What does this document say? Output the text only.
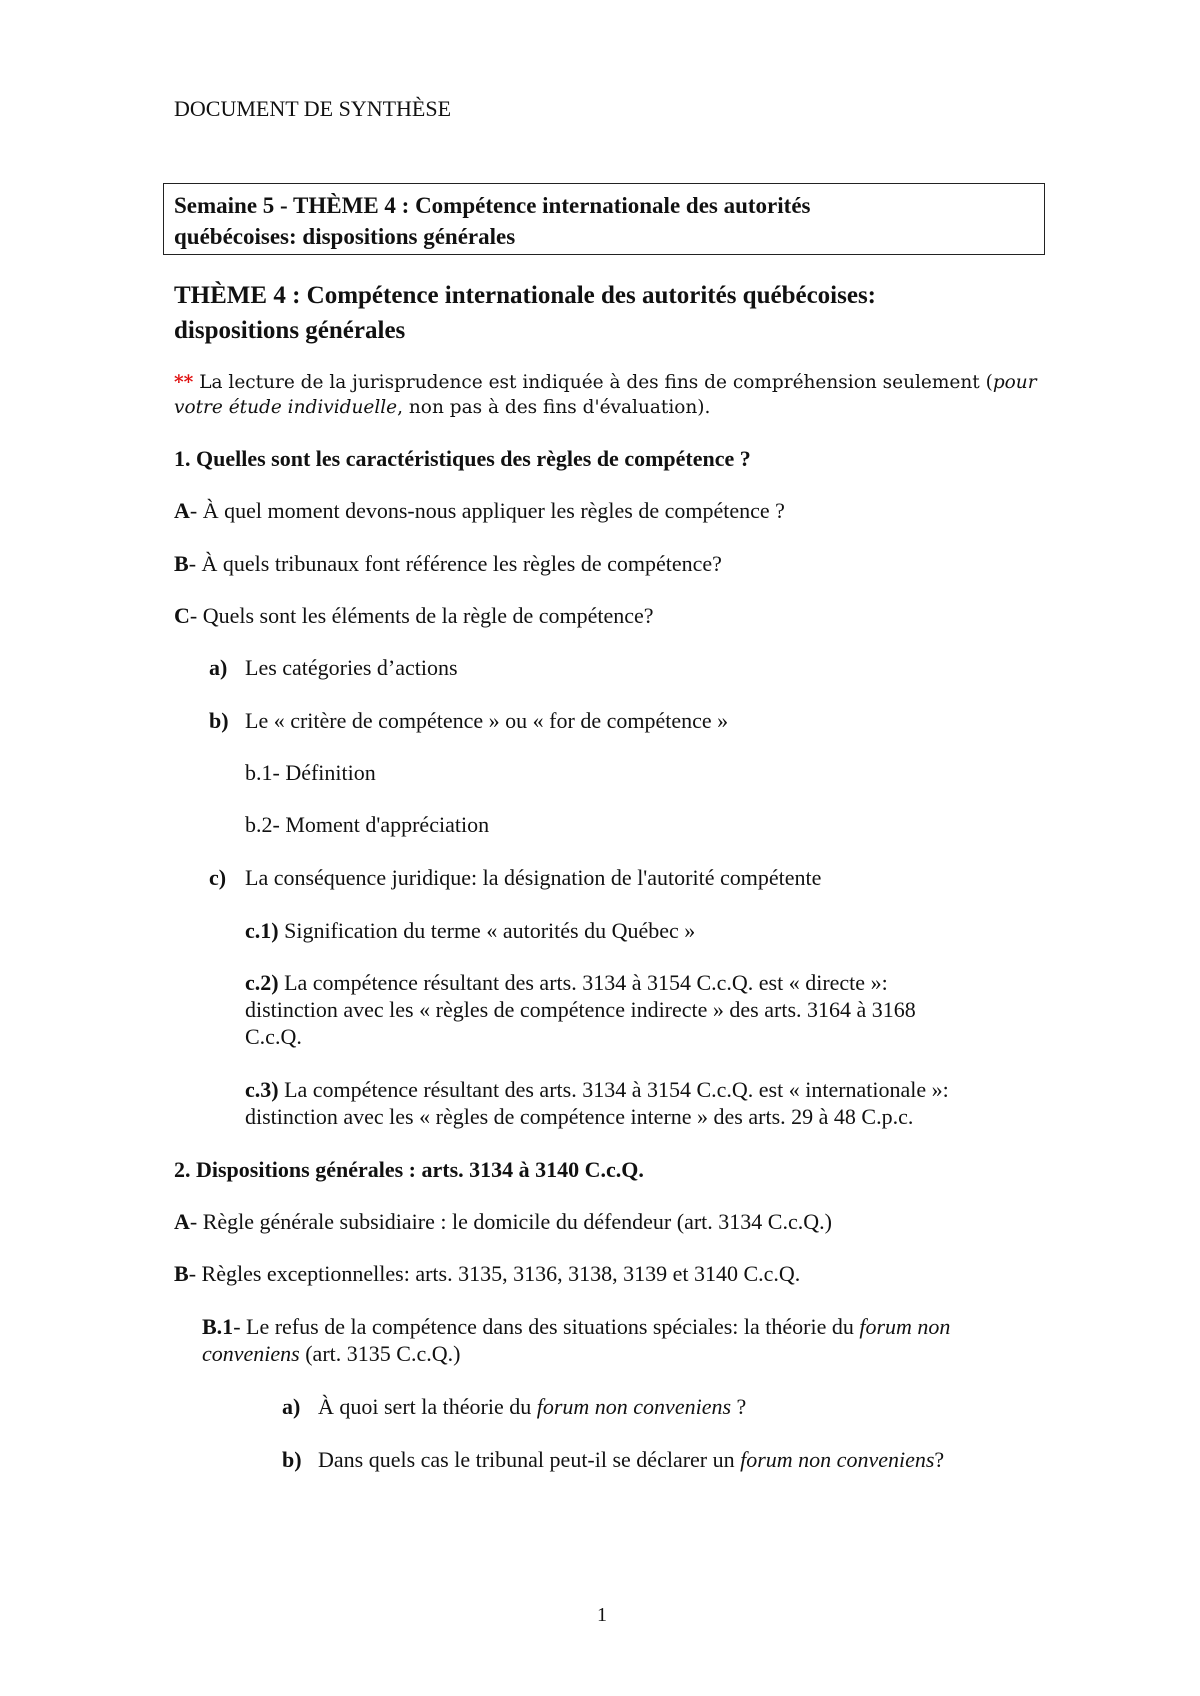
DOCUMENT DE SYNTHÈSE
Semaine 5 - THÈME 4 : Compétence internationale des autorités
québécoises: dispositions générales
THÈME 4 : Compétence internationale des autorités québécoises:
dispositions générales
** La lecture de la jurisprudence est indiquée à des fins de compréhension seulement (pour
votre étude individuelle, non pas à des fins d'évaluation).
1. Quelles sont les caractéristiques des règles de compétence ?
A- À quel moment devons-nous appliquer les règles de compétence ?
B- À quels tribunaux font référence les règles de compétence?
C- Quels sont les éléments de la règle de compétence?
a) Les catégories d’actions
b) Le « critère de compétence » ou « for de compétence »
b.1- Définition
b.2- Moment d'appréciation
c) La conséquence juridique: la désignation de l'autorité compétente
c.1) Signification du terme « autorités du Québec »
c.2) La compétence résultant des arts. 3134 à 3154 C.c.Q. est « directe »:
distinction avec les « règles de compétence indirecte » des arts. 3164 à 3168
C.c.Q.
c.3) La compétence résultant des arts. 3134 à 3154 C.c.Q. est « internationale »:
distinction avec les « règles de compétence interne » des arts. 29 à 48 C.p.c.
2. Dispositions générales : arts. 3134 à 3140 C.c.Q.
A- Règle générale subsidiaire : le domicile du défendeur (art. 3134 C.c.Q.)
B- Règles exceptionnelles: arts. 3135, 3136, 3138, 3139 et 3140 C.c.Q.
B.1- Le refus de la compétence dans des situations spéciales: la théorie du forum non
conveniens (art. 3135 C.c.Q.)
a) À quoi sert la théorie du forum non conveniens ?
b) Dans quels cas le tribunal peut-il se déclarer un forum non conveniens?
1
